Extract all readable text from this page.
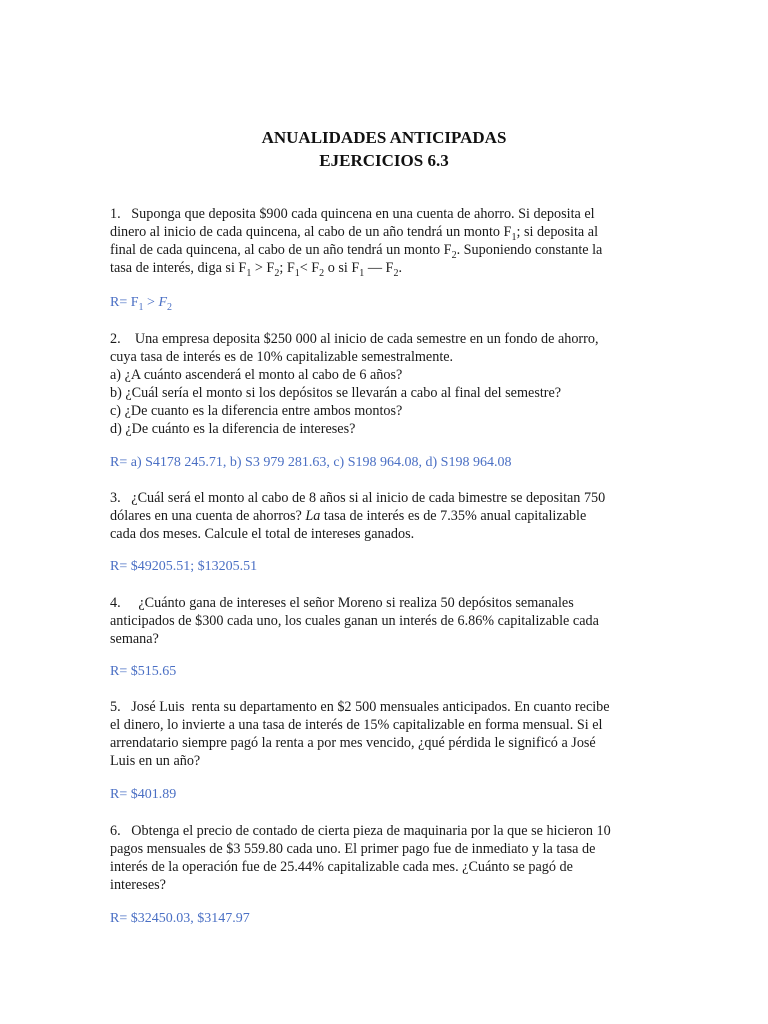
ANUALIDADES ANTICIPADAS
EJERCICIOS 6.3
1.   Suponga que deposita $900 cada quincena en una cuenta de ahorro. Si deposita el
dinero al inicio de cada quincena, al cabo de un año tendrá un monto $F_1$; si deposita al
final de cada quincena, al cabo de un año tendrá un monto $F_2$. Suponiendo constante la
tasa de interés, diga si $F_1 > F_2$; $F_1< F_2$ o si $F_1$ — $F_2$.
$R= F_1 > F_2$
2.    Una empresa deposita $250 000 al inicio de cada semestre en un fondo de ahorro,
cuya tasa de interés es de 10% capitalizable semestralmente.
a) ¿A cuánto ascenderá el monto al cabo de 6 años?
b) ¿Cuál sería el monto si los depósitos se llevarán a cabo al final del semestre?
c) ¿De cuanto es la diferencia entre ambos montos?
d) ¿De cuánto es la diferencia de intereses?
R= a) S4178 245.71, b) S3 979 281.63, c) S198 964.08, d) S198 964.08
3.   ¿Cuál será el monto al cabo de 8 años si al inicio de cada bimestre se depositan 750
dólares en una cuenta de ahorros? La tasa de interés es de 7.35% anual capitalizable
cada dos meses. Calcule el total de intereses ganados.
R= $49205.51; $13205.51
4.     ¿Cuánto gana de intereses el señor Moreno si realiza 50 depósitos semanales
anticipados de $300 cada uno, los cuales ganan un interés de 6.86% capitalizable cada
semana?
R= $515.65
5.   José Luis  renta su departamento en $2 500 mensuales anticipados. En cuanto recibe
el dinero, lo invierte a una tasa de interés de 15% capitalizable en forma mensual. Si el
arrendatario siempre pagó la renta a por mes vencido, ¿qué pérdida le significó a José
Luis en un año?
R= $401.89
6.   Obtenga el precio de contado de cierta pieza de maquinaria por la que se hicieron 10
pagos mensuales de $3 559.80 cada uno. El primer pago fue de inmediato y la tasa de
interés de la operación fue de 25.44% capitalizable cada mes. ¿Cuánto se pagó de
intereses?
R= $32450.03, $3147.97
